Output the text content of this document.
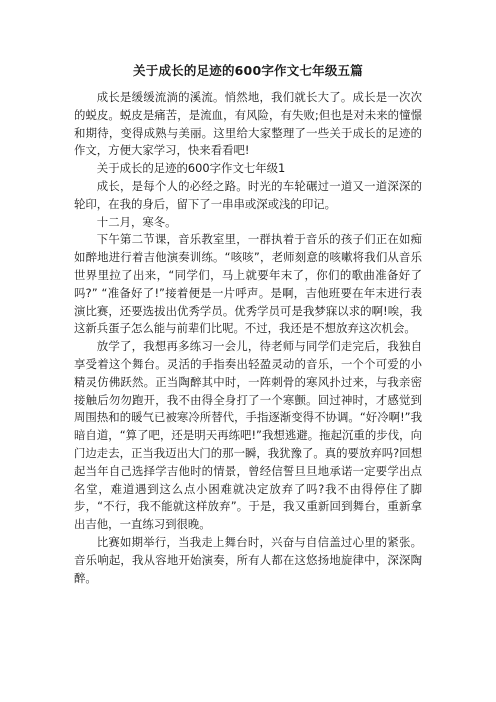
关于成长的足迹的600字作文七年级五篇

成长是缓缓流淌的溪流。悄然地，我们就长大了。成长是一次次的蜕皮。蜕皮是痛苦，是流血，有风险，有失败;但也是对未来的憧憬和期待，变得成熟与美丽。这里给大家整理了一些关于成长的足迹的作文，方便大家学习，快来看看吧!

关于成长的足迹的600字作文七年级1

成长，是每个人的必经之路。时光的车轮碾过一道又一道深深的轮印，在我的身后，留下了一串串或深或浅的印记。

十二月，寒冬。

下午第二节课，音乐教室里，一群执着于音乐的孩子们正在如痴如醉地进行着吉他演奏训练。“咳咳”，老师刻意的咳嗽将我们从音乐世界里拉了出来，“同学们，马上就要年末了，你们的歌曲准备好了吗?” “准备好了!”接着便是一片呼声。是啊，吉他班要在年末进行表演比赛，还要选拔出优秀学员。优秀学员可是我梦寐以求的啊!唉，我这新兵蛋子怎么能与前辈们比呢。不过，我还是不想放弃这次机会。

放学了，我想再多练习一会儿，待老师与同学们走完后，我独自享受着这个舞台。灵活的手指奏出轻盈灵动的音乐，一个个可爱的小精灵仿佛跃然。正当陶醉其中时，一阵刺骨的寒风扑过来，与我亲密接触后勿勿跑开，我不由得全身打了一个寒颤。回过神时，才感觉到周围热和的暖气已被寒冷所替代，手指逐渐变得不协调。“好冷啊!”我暗自道，“算了吧，还是明天再练吧!”我想逃避。拖起沉重的步伐，向门边走去，正当我迈出大门的那一瞬，我犹豫了。真的要放弃吗?回想起当年自己选择学吉他时的情景，曾经信誓旦旦地承诺一定要学出点名堂，难道遇到这么点小困难就决定放弃了吗?我不由得停住了脚步，“不行，我不能就这样放弃”。于是，我又重新回到舞台，重新拿出吉他，一直练习到很晚。

比赛如期举行，当我走上舞台时，兴奋与自信盖过心里的紧张。音乐响起，我从容地开始演奏，所有人都在这悠扬地旋律中，深深陶醉。
